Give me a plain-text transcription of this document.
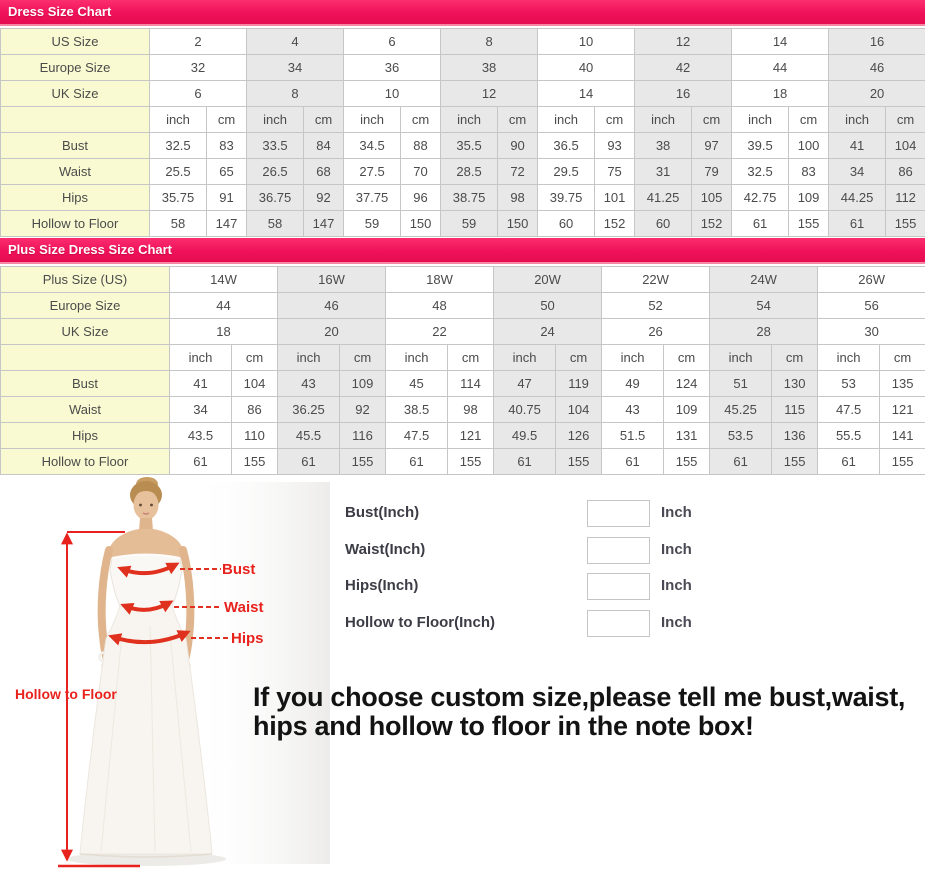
Dress Size Chart
US Size	2		4		6		8		10		12		14		16	
Europe Size	32		34		36		38		40		42		44		46	
UK Size	6		8		10		12		14		16		18		20	
	inch	cm	inch	cm	inch	cm	inch	cm	inch	cm	inch	cm	inch	cm	inch	cm
Bust	32.5	83	33.5	84	34.5	88	35.5	90	36.5	93	38	97	39.5	100	41	104
Waist	25.5	65	26.5	68	27.5	70	28.5	72	29.5	75	31	79	32.5	83	34	86
Hips	35.75	91	36.75	92	37.75	96	38.75	98	39.75	101	41.25	105	42.75	109	44.25	112
Hollow to Floor	58	147	58	147	59	150	59	150	60	152	60	152	61	155	61	155
Plus Size Dress Size Chart
Plus Size (US)	14W		16W		18W		20W		22W		24W		26W	
Europe Size	44		46		48		50		52		54		56	
UK Size	18		20		22		24		26		28		30	
	inch	cm	inch	cm	inch	cm	inch	cm	inch	cm	inch	cm	inch	cm
Bust	41	104	43	109	45	114	47	119	49	124	51	130	53	135
Waist	34	86	36.25	92	38.5	98	40.75	104	43	109	45.25	115	47.5	121
Hips	43.5	110	45.5	116	47.5	121	49.5	126	51.5	131	53.5	136	55.5	141
Hollow to Floor	61	155	61	155	61	155	61	155	61	155	61	155	61	155
Bust
Waist
Hips
Hollow to Floor
Bust(Inch)	Inch
Waist(Inch)	Inch
Hips(Inch)	Inch
Hollow to Floor(Inch)	Inch
If you choose custom size,please tell me bust,waist,
hips and hollow to floor in the note box!
